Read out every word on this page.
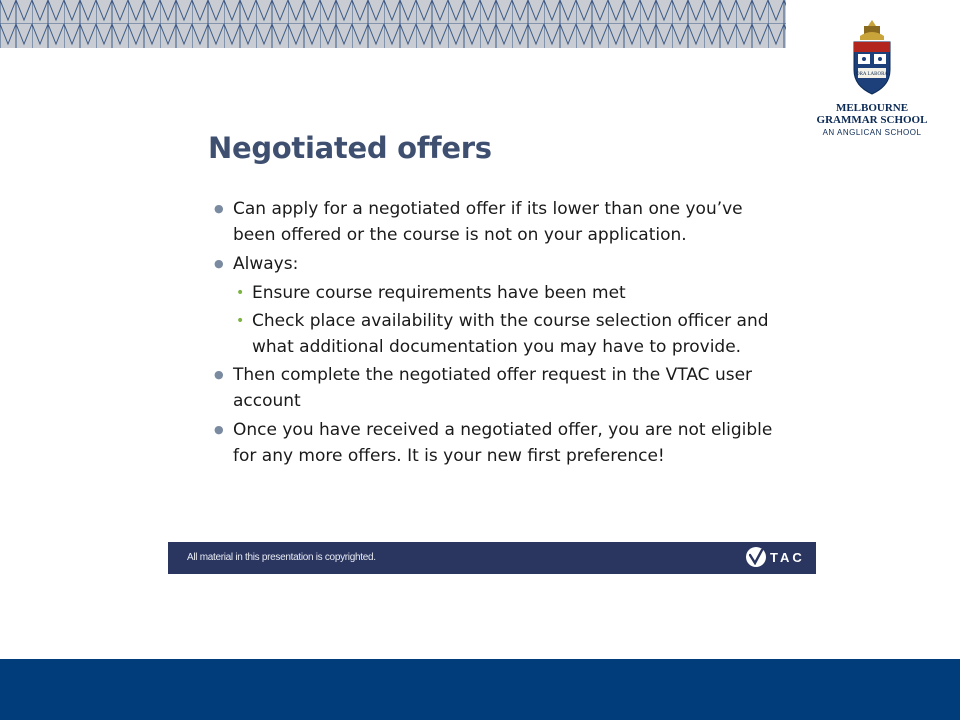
ORA LABORA
MELBOURNE
GRAMMAR SCHOOL
AN ANGLICAN SCHOOL
Negotiated offers
● Can apply for a negotiated offer if its lower than one you’ve been offered or the course is not on your application.
● Always:
• Ensure course requirements have been met
• Check place availability with the course selection officer and what additional documentation you may have to provide.
● Then complete the negotiated offer request in the VTAC user account
● Once you have received a negotiated offer, you are not eligible for any more offers. It is your new first preference!
All material in this presentation is copyrighted.	TAC
